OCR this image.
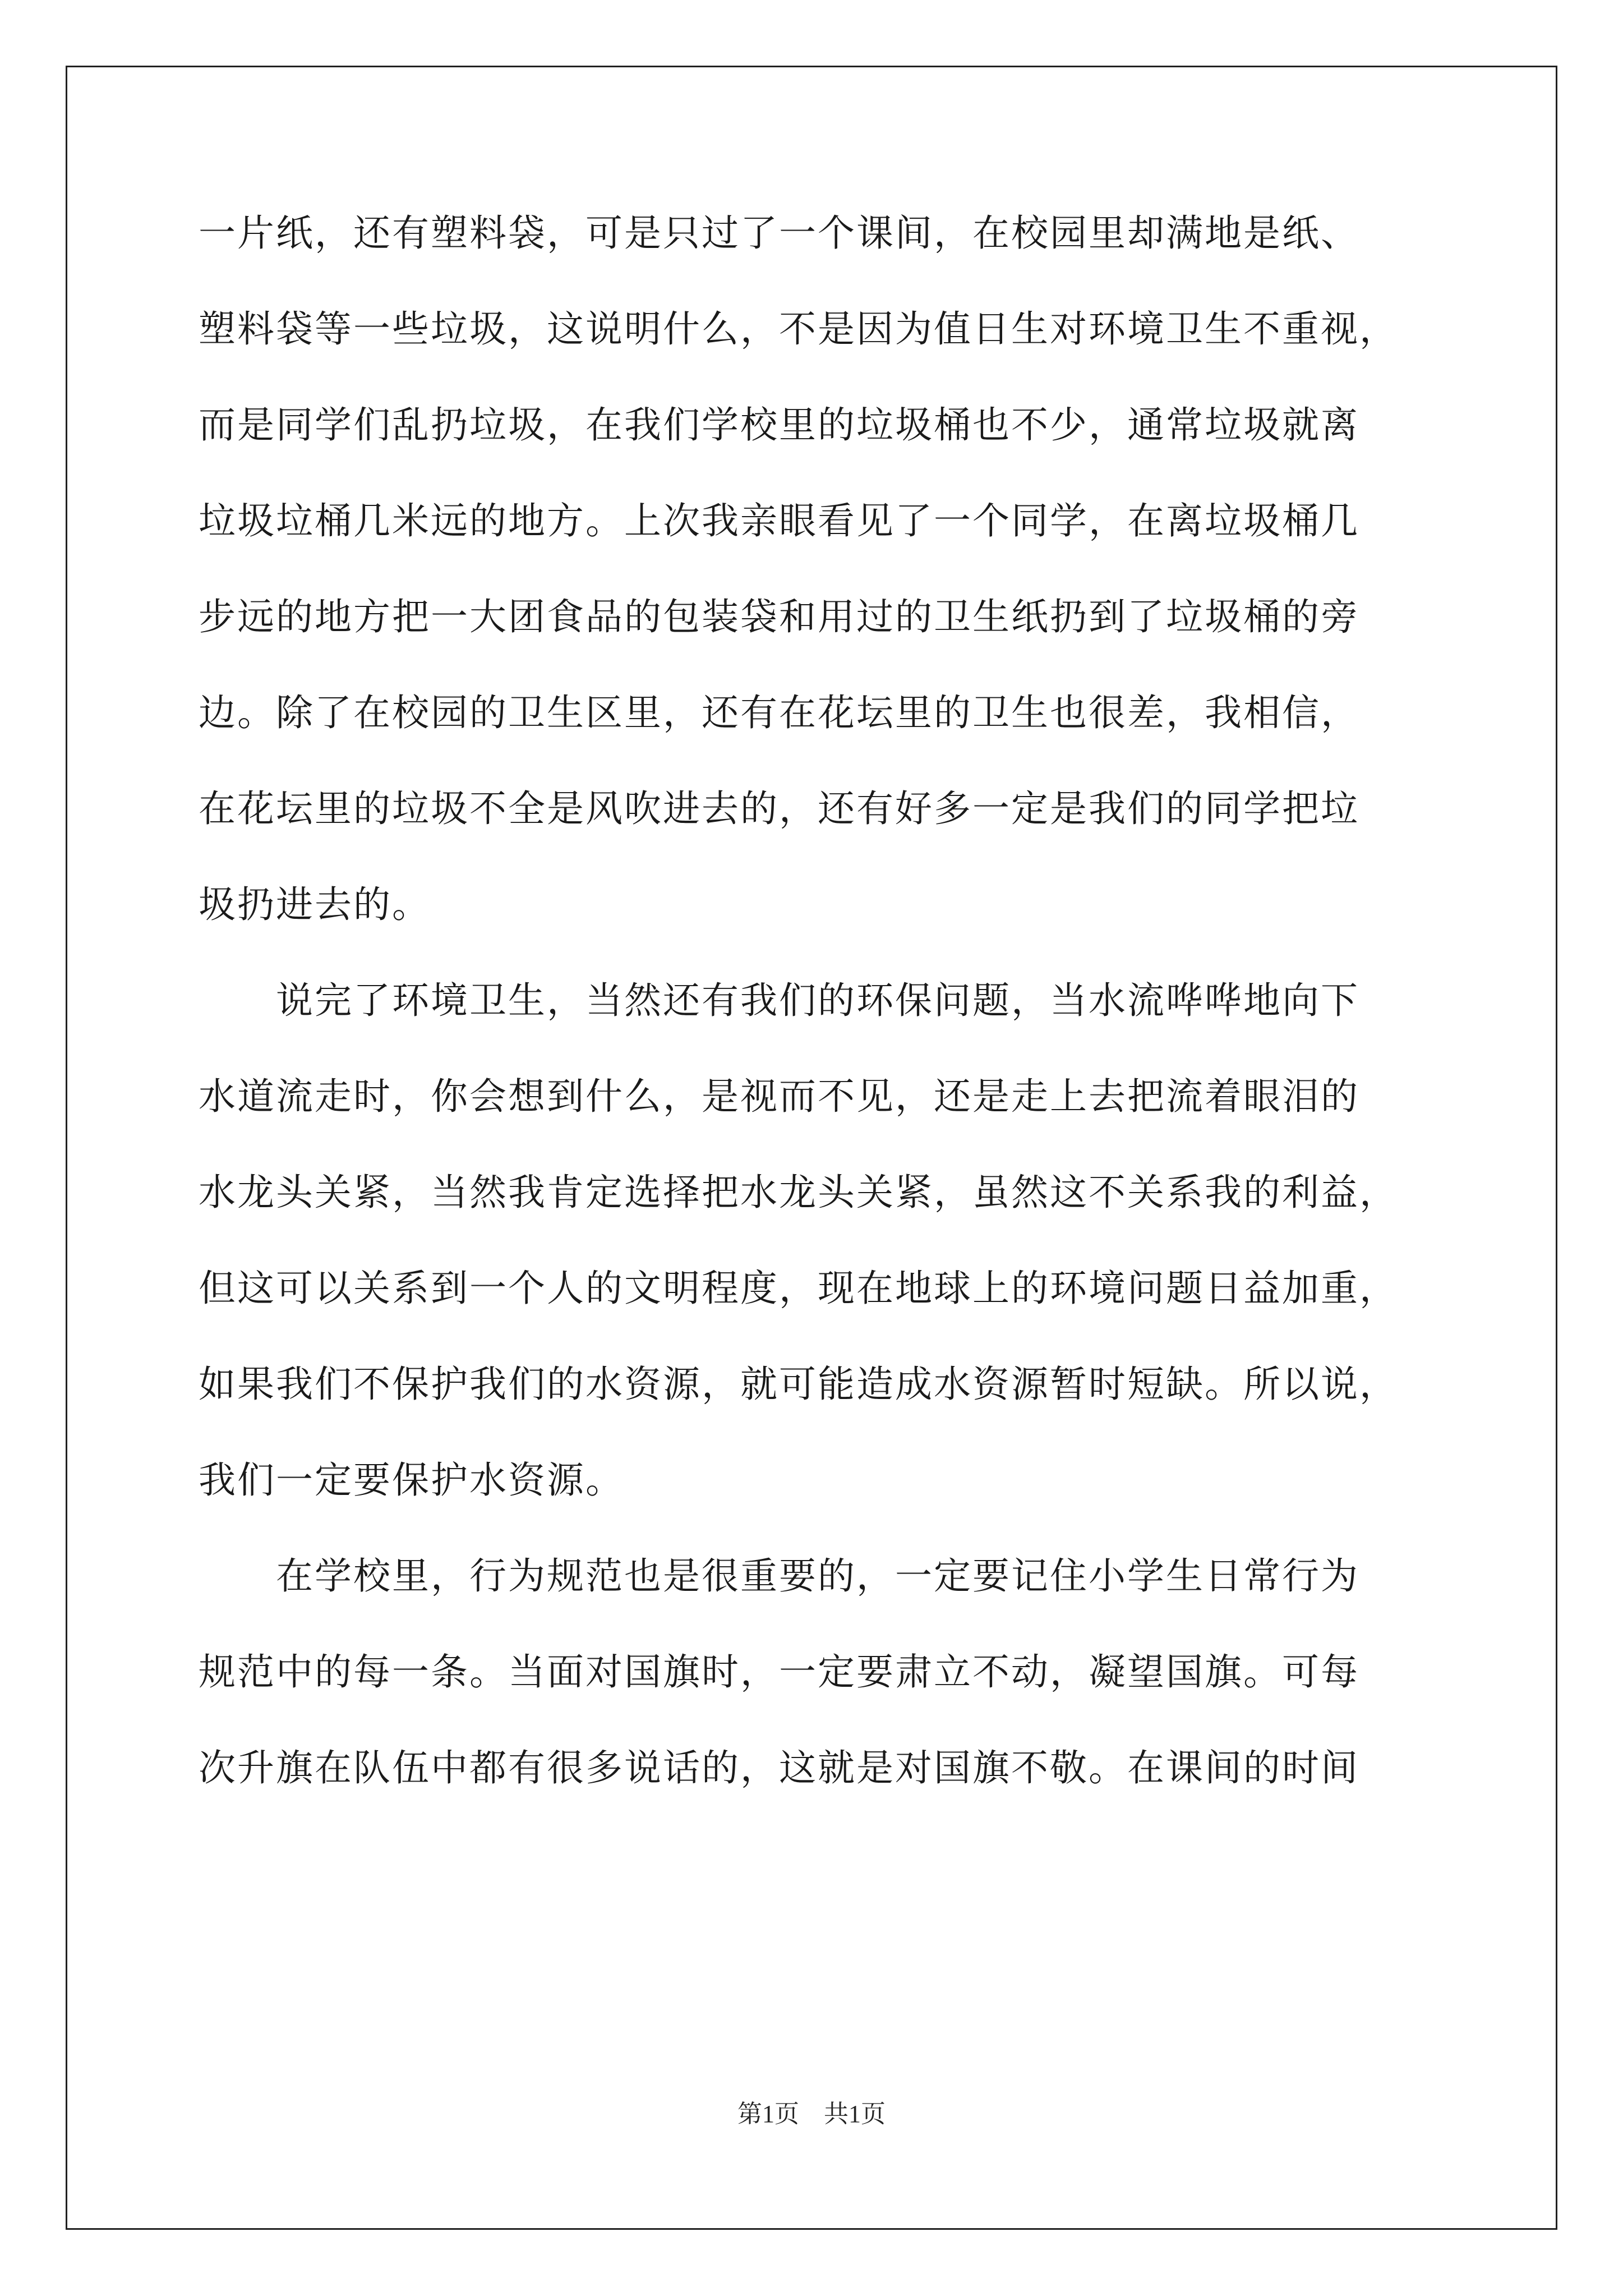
一片纸，还有塑料袋，可是只过了一个课间，在校园里却满地是纸、
塑料袋等一些垃圾，这说明什么，不是因为值日生对环境卫生不重视，
而是同学们乱扔垃圾，在我们学校里的垃圾桶也不少，通常垃圾就离
垃圾垃桶几米远的地方。上次我亲眼看见了一个同学，在离垃圾桶几
步远的地方把一大团食品的包装袋和用过的卫生纸扔到了垃圾桶的旁
边。除了在校园的卫生区里，还有在花坛里的卫生也很差，我相信，
在花坛里的垃圾不全是风吹进去的，还有好多一定是我们的同学把垃
圾扔进去的。
　　说完了环境卫生，当然还有我们的环保问题，当水流哗哗地向下
水道流走时，你会想到什么，是视而不见，还是走上去把流着眼泪的
水龙头关紧，当然我肯定选择把水龙头关紧，虽然这不关系我的利益，
但这可以关系到一个人的文明程度，现在地球上的环境问题日益加重，
如果我们不保护我们的水资源，就可能造成水资源暂时短缺。所以说，
我们一定要保护水资源。
　　在学校里，行为规范也是很重要的，一定要记住小学生日常行为
规范中的每一条。当面对国旗时，一定要肃立不动，凝望国旗。可每
次升旗在队伍中都有很多说话的，这就是对国旗不敬。在课间的时间
第1页　共1页
